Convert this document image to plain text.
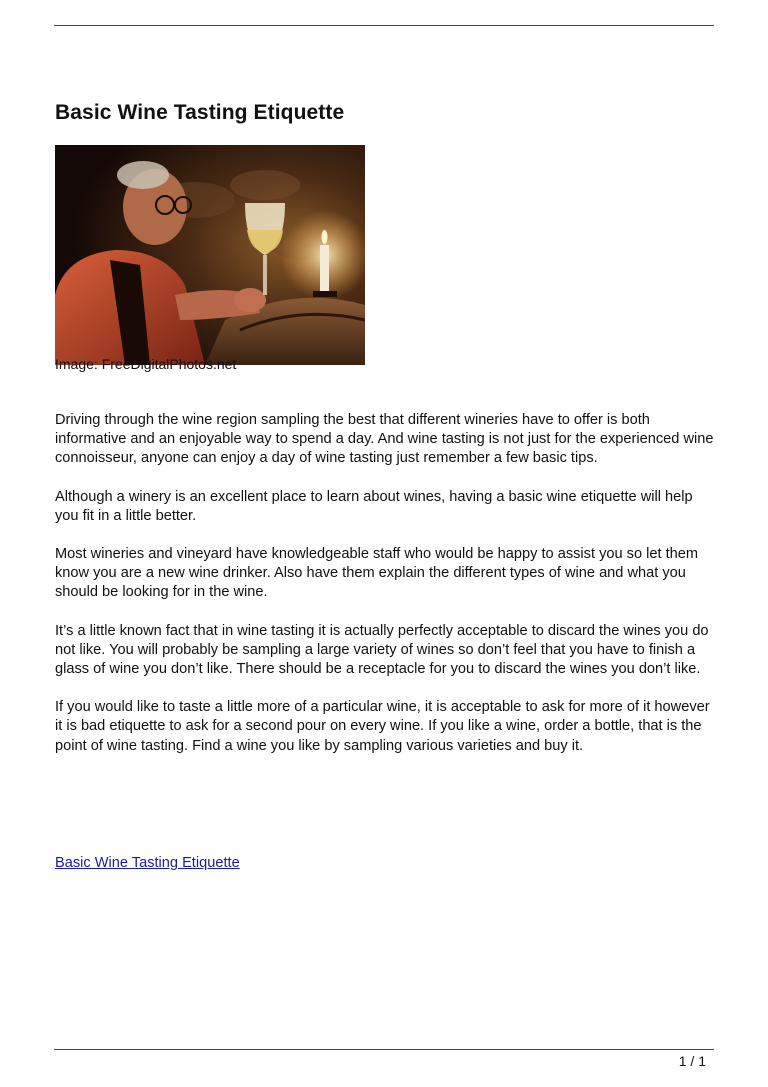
Basic Wine Tasting Etiquette
Image: FreeDigitalPhotos.net

Driving through the wine region sampling the best that different wineries have to offer is both informative and an enjoyable way to spend a day. And wine tasting is not just for the experienced wine connoisseur, anyone can enjoy a day of wine tasting just remember a few basic tips.

Although a winery is an excellent place to learn about wines, having a basic wine etiquette will help you fit in a little better.

Most wineries and vineyard have knowledgeable staff who would be happy to assist you so let them know you are a new wine drinker. Also have them explain the different types of wine and what you should be looking for in the wine.

It’s a little known fact that in wine tasting it is actually perfectly acceptable to discard the wines you do not like. You will probably be sampling a large variety of wines so don’t feel that you have to finish a glass of wine you don’t like. There should be a receptacle for you to discard the wines you don’t like.

If you would like to taste a little more of a particular wine, it is acceptable to ask for more of it however it is bad etiquette to ask for a second pour on every wine. If you like a wine, order a bottle, that is the point of wine tasting. Find a wine you like by sampling various varieties and buy it.

Basic Wine Tasting Etiquette
1 / 1
